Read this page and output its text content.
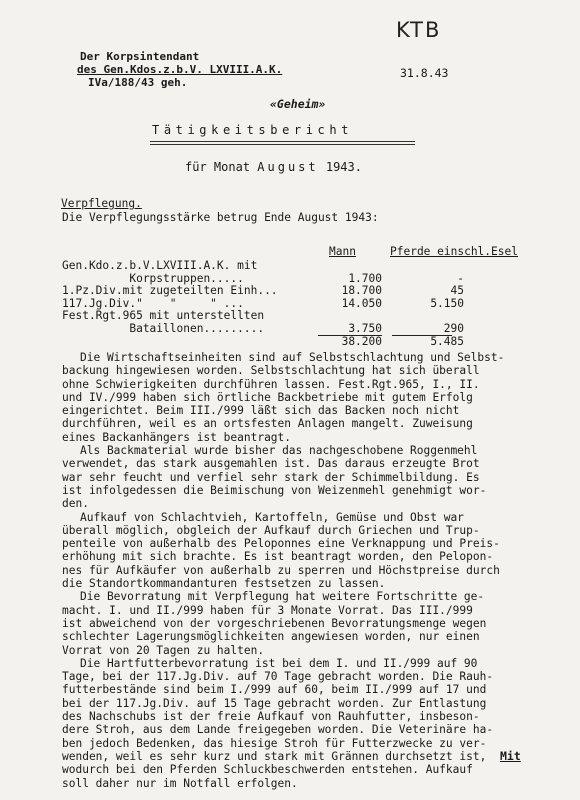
KTB
Der Korpsintendant
des Gen.Kdos.z.b.V. LXVIII.A.K.
IVa/188/43 geh.
31.8.43
«Geheim»
Tätigkeitsbericht
für Monat August 1943.
Verpflegung.
Die Verpflegungsstärke betrug Ende August 1943:
Mann	Pferde einschl.Esel
Gen.Kdo.z.b.V.LXVIII.A.K. mit
Korpstruppen.....	1.700	-
1.Pz.Div.mit zugeteilten Einh...	18.700	45
117.Jg.Div."    "     " ...	14.050	5.150
Fest.Rgt.965 mit unterstellten
Bataillonen.........	3.750	290
38.200	5.485

Die Wirtschaftseinheiten sind auf Selbstschlachtung und Selbst-
backung hingewiesen worden. Selbstschlachtung hat sich überall
ohne Schwierigkeiten durchführen lassen. Fest.Rgt.965, I., II.
und IV./999 haben sich örtliche Backbetriebe mit gutem Erfolg
eingerichtet. Beim III./999 läßt sich das Backen noch nicht
durchführen, weil es an ortsfesten Anlagen mangelt. Zuweisung
eines Backanhängers ist beantragt.

Als Backmaterial wurde bisher das nachgeschobene Roggenmehl
verwendet, das stark ausgemahlen ist. Das daraus erzeugte Brot
war sehr feucht und verfiel sehr stark der Schimmelbildung. Es
ist infolgedessen die Beimischung von Weizenmehl genehmigt wor-
den.

Aufkauf von Schlachtvieh, Kartoffeln, Gemüse und Obst war
überall möglich, obgleich der Aufkauf durch Griechen und Trup-
penteile von außerhalb des Peloponnes eine Verknappung und Preis-
erhöhung mit sich brachte. Es ist beantragt worden, den Pelopon-
nes für Aufkäufer von außerhalb zu sperren und Höchstpreise durch
die Standortkommandanturen festsetzen zu lassen.

Die Bevorratung mit Verpflegung hat weitere Fortschritte ge-
macht. I. und II./999 haben für 3 Monate Vorrat. Das III./999
ist abweichend von der vorgeschriebenen Bevorratungsmenge wegen
schlechter Lagerungsmöglichkeiten angewiesen worden, nur einen
Vorrat von 20 Tagen zu halten.

Die Hartfutterbevorratung ist bei dem I. und II./999 auf 90
Tage, bei der 117.Jg.Div. auf 70 Tage gebracht worden. Die Rauh-
futterbestände sind beim I./999 auf 60, beim II./999 auf 17 und
bei der 117.Jg.Div. auf 15 Tage gebracht worden. Zur Entlastung
des Nachschubs ist der freie Aufkauf von Rauhfutter, insbeson-
dere Stroh, aus dem Lande freigegeben worden. Die Veterinäre ha-
ben jedoch Bedenken, das hiesige Stroh für Futterzwecke zu ver-
wenden, weil es sehr kurz und stark mit Grännen durchsetzt ist,
wodurch bei den Pferden Schluckbeschwerden entstehen. Aufkauf
soll daher nur im Notfall erfolgen.

Mit
